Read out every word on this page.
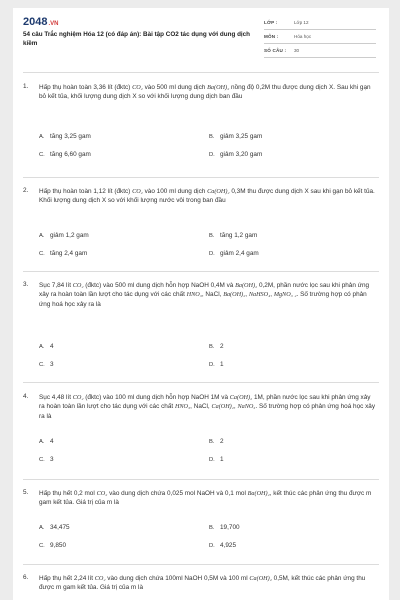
2048.VN
54 câu Trắc nghiệm Hóa 12 (có đáp án): Bài tập CO2 tác dụng với dung dịch kiềm
LỚP :	Lớp 12
MÔN :	Hóa học
SỐ CÂU : 30
1. Hấp thụ hoàn toàn 3,36 lít (đktc) CO₂ vào 500 ml dung dịch Ba(OH)₂ nồng độ 0,2M thu được dung dịch X. Sau khi gạn bỏ kết tủa, khối lượng dung dịch X so với khối lượng dung dịch ban đầu
A. tăng 3,25 gam	B. giảm 3,25 gam
C. tăng 6,60 gam	D. giảm 3,20 gam
2. Hấp thụ hoàn toàn 1,12 lít (đktc) CO₂ vào 100 ml dung dịch Ca(OH)₂ 0,3M thu được dung dịch X sau khi gạn bỏ kết tủa. Khối lượng dung dịch X so với khối lượng nước vôi trong ban đầu
A. giảm 1,2 gam	B. tăng 1,2 gam
C. tăng 2,4 gam	D. giảm 2,4 gam
3. Sục 7,84 lít CO₂ (đktc) vào 500 ml dung dịch hỗn hợp NaOH 0,4M và Ba(OH)₂ 0,2M, phần nước lọc sau khi phản ứng xảy ra hoàn toàn lần lượt cho tác dụng với các chất HNO₃, NaCl, Ba(OH)₂, NaHSO₄, MgNO₃ ₂. Số trường hợp có phản ứng hoá học xảy ra là
A. 4	B. 2
C. 3	D. 1
4. Sục 4,48 lít CO₂ (đktc) vào 100 ml dung dịch hỗn hợp NaOH 1M và Ca(OH)₂ 1M, phần nước lọc sau khi phản ứng xảy ra hoàn toàn lần lượt cho tác dụng với các chất HNO₃, NaCl, Ca(OH)₂, NaNO₃. Số trường hợp có phản ứng hoá học xảy ra là
A. 4	B. 2
C. 3	D. 1
5. Hấp thụ hết 0,2 mol CO₂ vào dung dịch chứa 0,025 mol NaOH và 0,1 mol Ba(OH)₂, kết thúc các phản ứng thu được m gam kết tủa. Giá trị của m là
A. 34,475	B. 19,700
C. 9,850	D. 4,925
6. Hấp thụ hết 2,24 lít CO₂ vào dung dịch chứa 100ml NaOH 0,5M và 100 ml Ca(OH)₂ 0,5M, kết thúc các phản ứng thu được m gam kết tủa. Giá trị của m là
